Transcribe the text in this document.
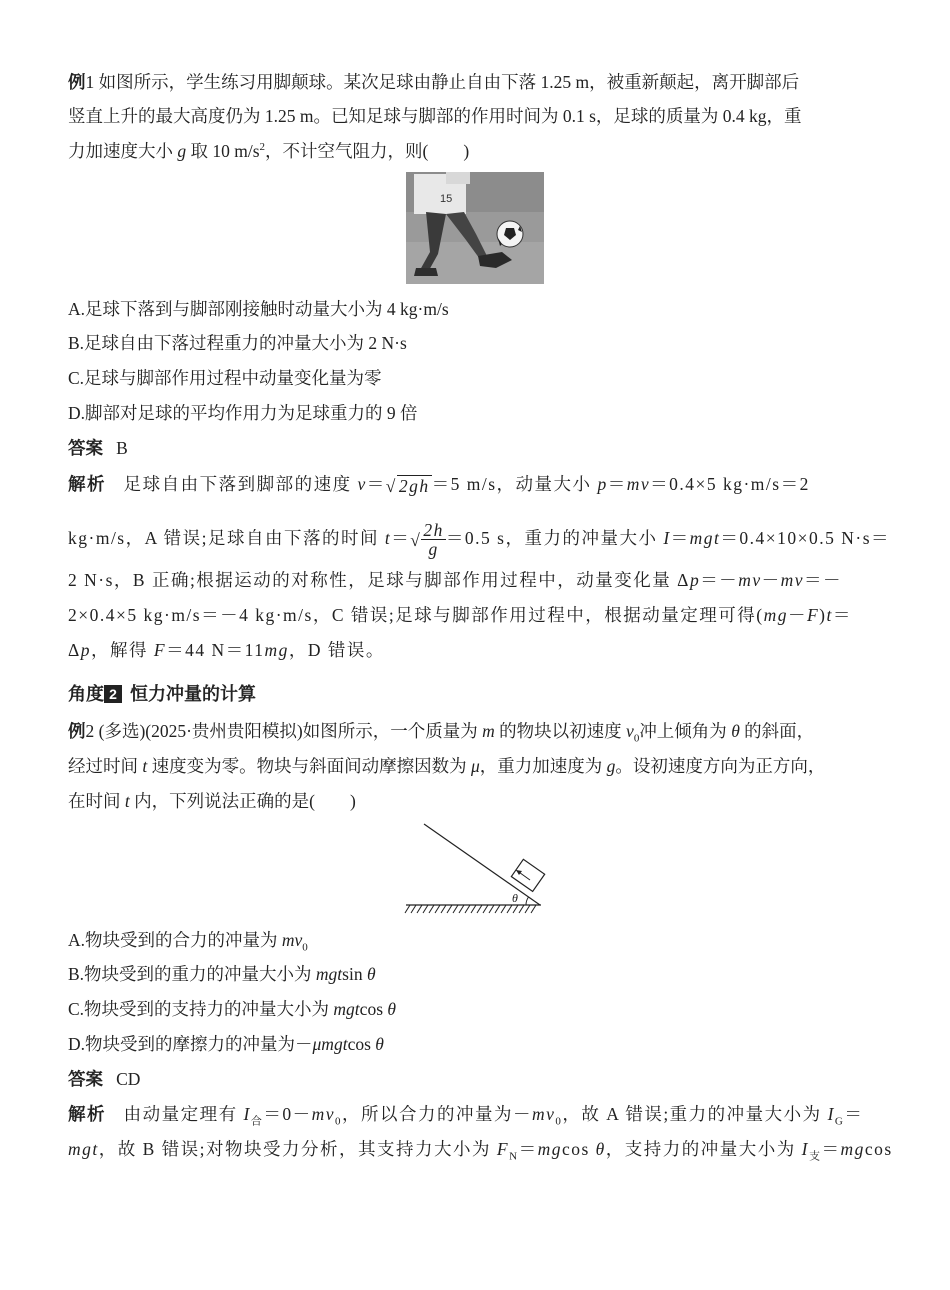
例1 如图所示，学生练习用脚颠球。某次足球由静止自由下落 1.25 m，被重新颠起，离开脚部后
竖直上升的最大高度仍为 1.25 m。已知足球与脚部的作用时间为 0.1 s，足球的质量为 0.4 kg，重
力加速度大小 g 取 10 $m/s^2$，不计空气阻力，则(　　)
15
A.足球下落到与脚部刚接触时动量大小为 4 kg·m/s
B.足球自由下落过程重力的冲量大小为 2 N·s
C.足球与脚部作用过程中动量变化量为零
D.脚部对足球的平均作用力为足球重力的 9 倍
答案 B
解析 足球自由下落到脚部的速度 v＝√ 2gh ＝5 m/s，动量大小 p＝mv＝0.4×5 kg·m/s＝2
kg·m/s，A 错误;足球自由下落的时间 $t=√ \frac{2h}{g} =0.5$ s，重力的冲量大小 I＝mgt＝0.4×10×0.5 N·s＝
2 N·s，B 正确;根据运动的对称性，足球与脚部作用过程中，动量变化量 Δp＝－mv－mv＝－
2×0.4×5 kg·m/s＝－4 kg·m/s，C 错误;足球与脚部作用过程中，根据动量定理可得(mg－F)t＝
Δp，解得 F＝44 N＝11mg，D 错误。
角度 2 恒力冲量的计算
例2 (多选)(2025·贵州贵阳模拟)如图所示，一个质量为 m 的物块以初速度 $v_0$冲上倾角为 θ 的斜面，
经过时间 t 速度变为零。物块与斜面间动摩擦因数为 μ，重力加速度为 g。设初速度方向为正方向，
在时间 t 内，下列说法正确的是(　　)
θ
A.物块受到的合力的冲量为 $mv_0$
B.物块受到的重力的冲量大小为 mgtsin θ
C.物块受到的支持力的冲量大小为 mgtcos θ
D.物块受到的摩擦力的冲量为－μmgtcos θ
答案 CD
解析 由动量定理有 $I_合=0-mv_0$，所以合力的冲量为$-mv_0$，故 A 错误;重力的冲量大小为 $I_G=$
mgt，故 B 错误;对物块受力分析，其支持力大小为 $F_N=mgcos$ θ，支持力的冲量大小为 $I_支=mgcos$
